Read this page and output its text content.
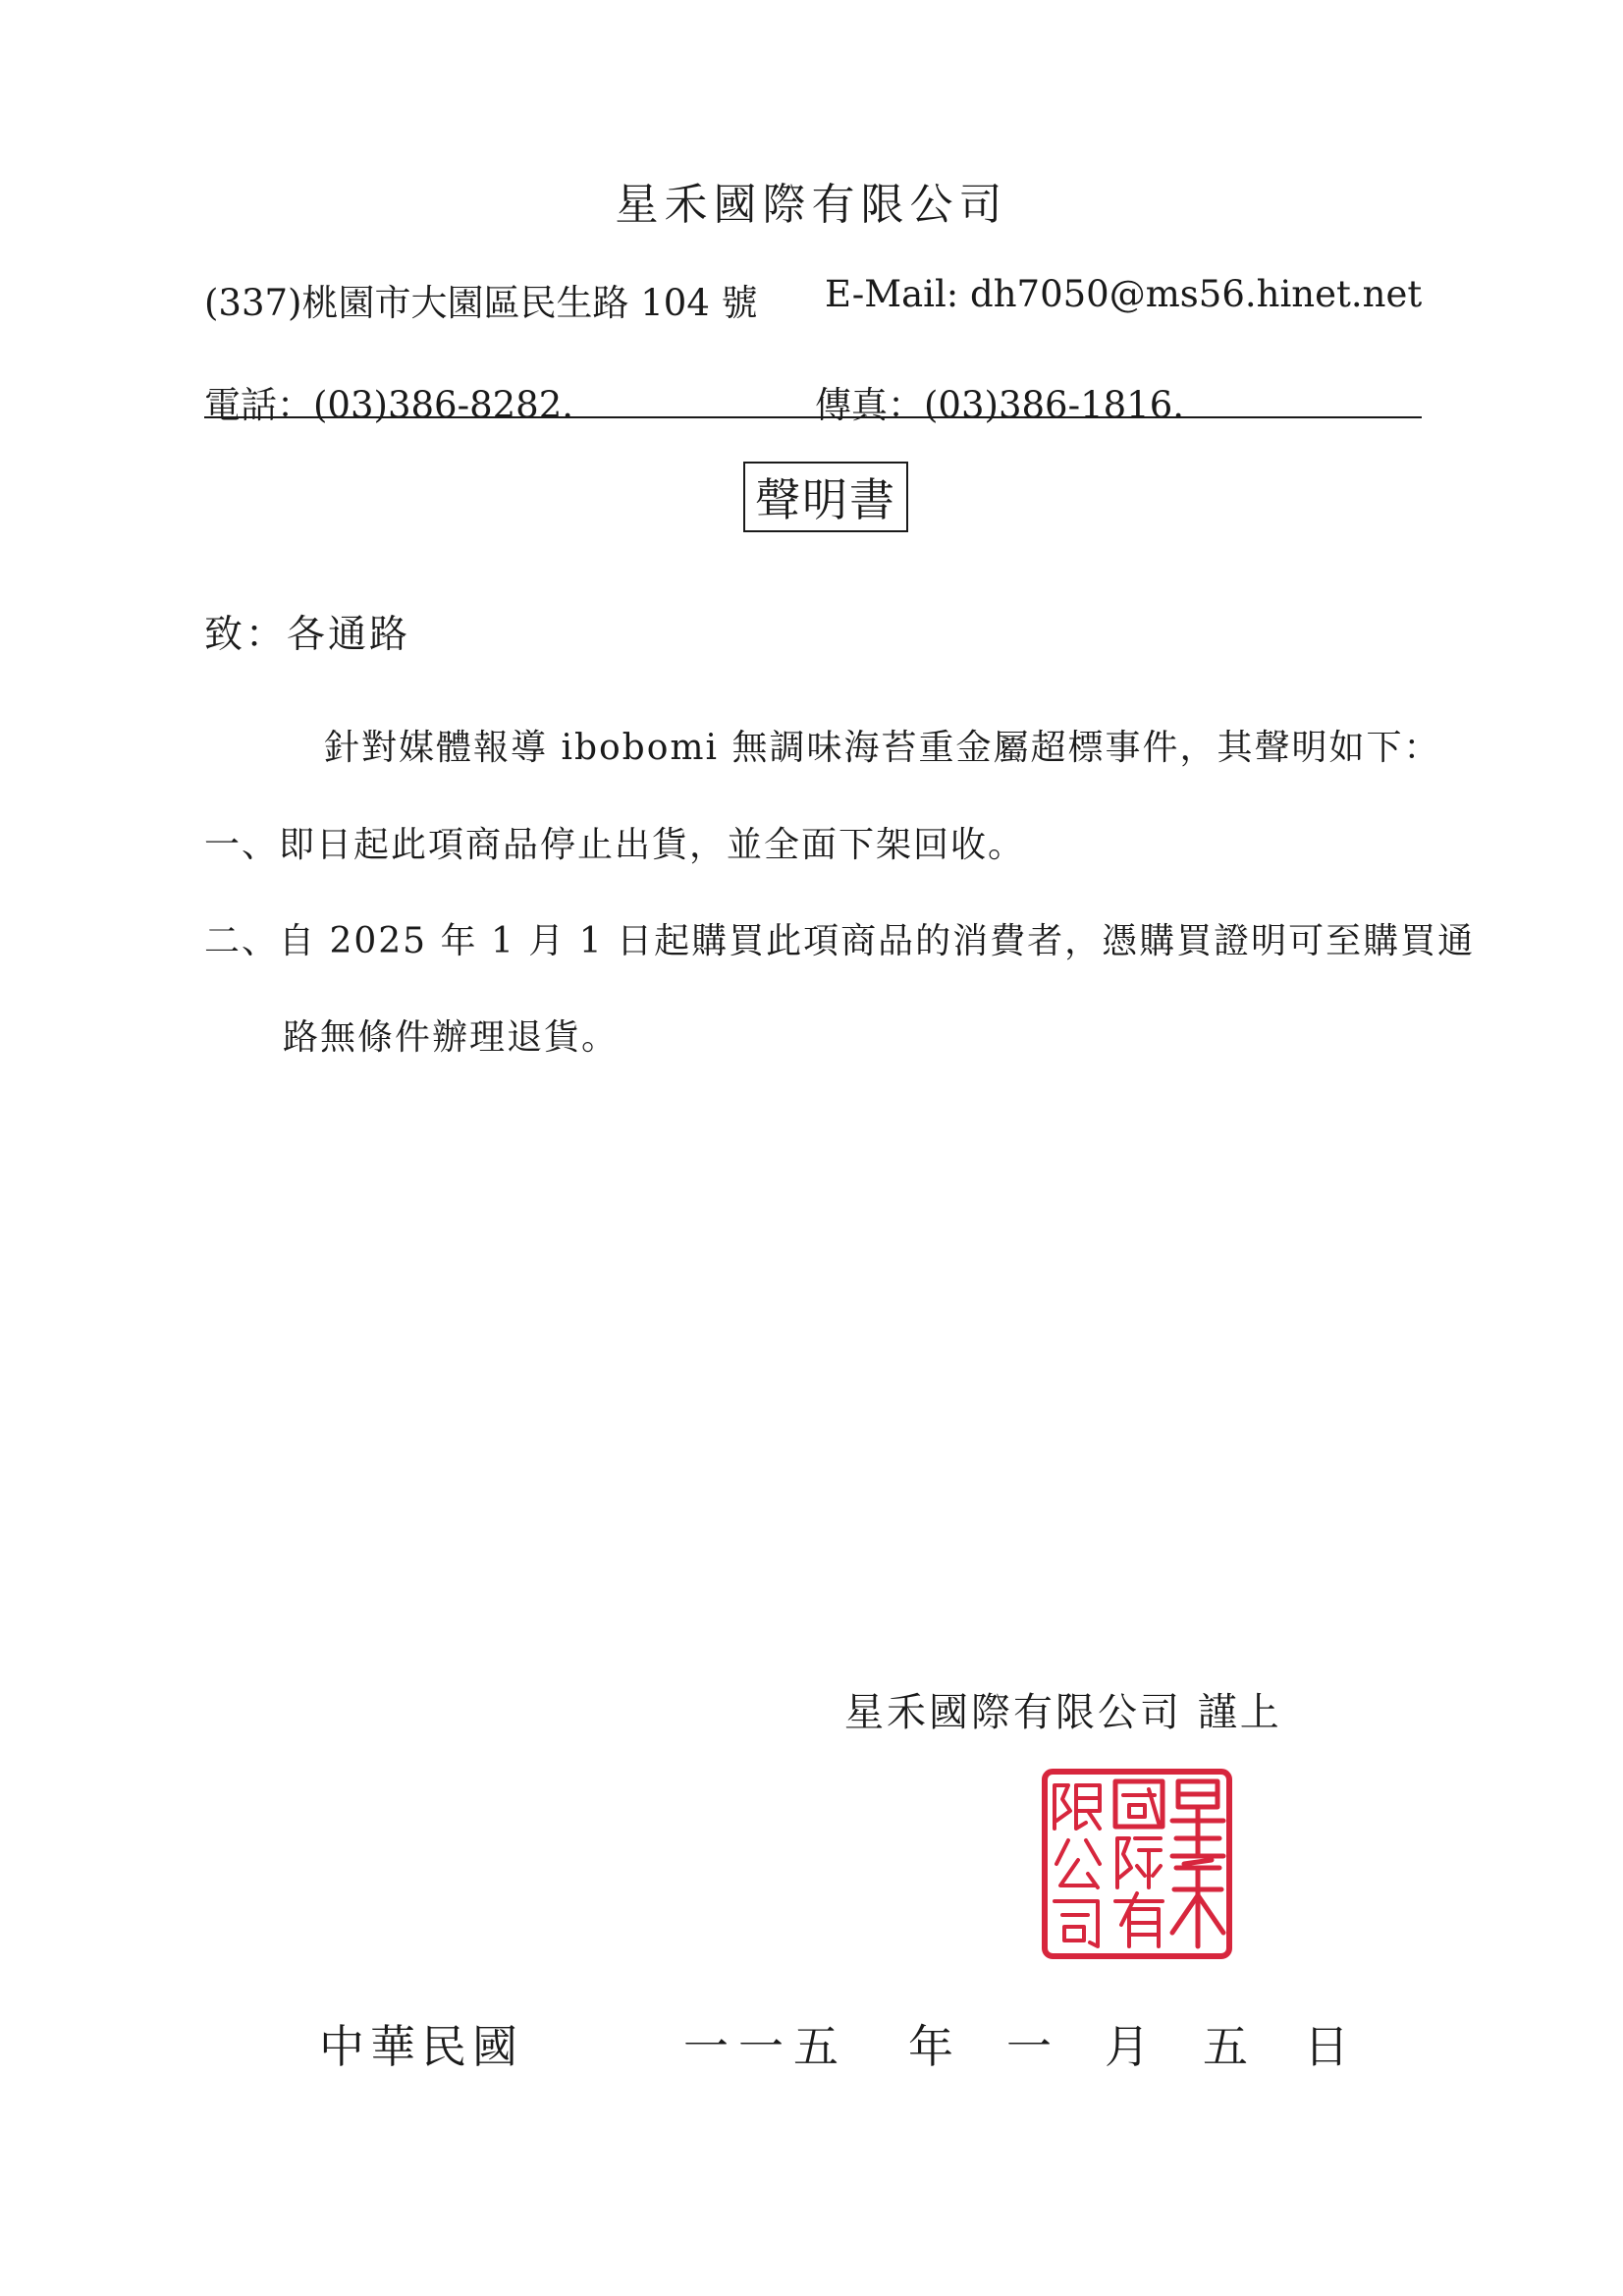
星禾國際有限公司
(337)桃園市大園區民生路 104 號 E-Mail: dh7050@ms56.hinet.net
電話：(03)386-8282.	傳真：(03)386-1816.
聲明書
致：各通路
針對媒體報導 ibobomi 無調味海苔重金屬超標事件，其聲明如下：
一、即日起此項商品停止出貨，並全面下架回收。
二、自 2025 年 1 月 1 日起購買此項商品的消費者，憑購買證明可至購買通
路無條件辦理退貨。
星禾國際有限公司 謹上
中華民國	一一五 年 一 月 五 日
